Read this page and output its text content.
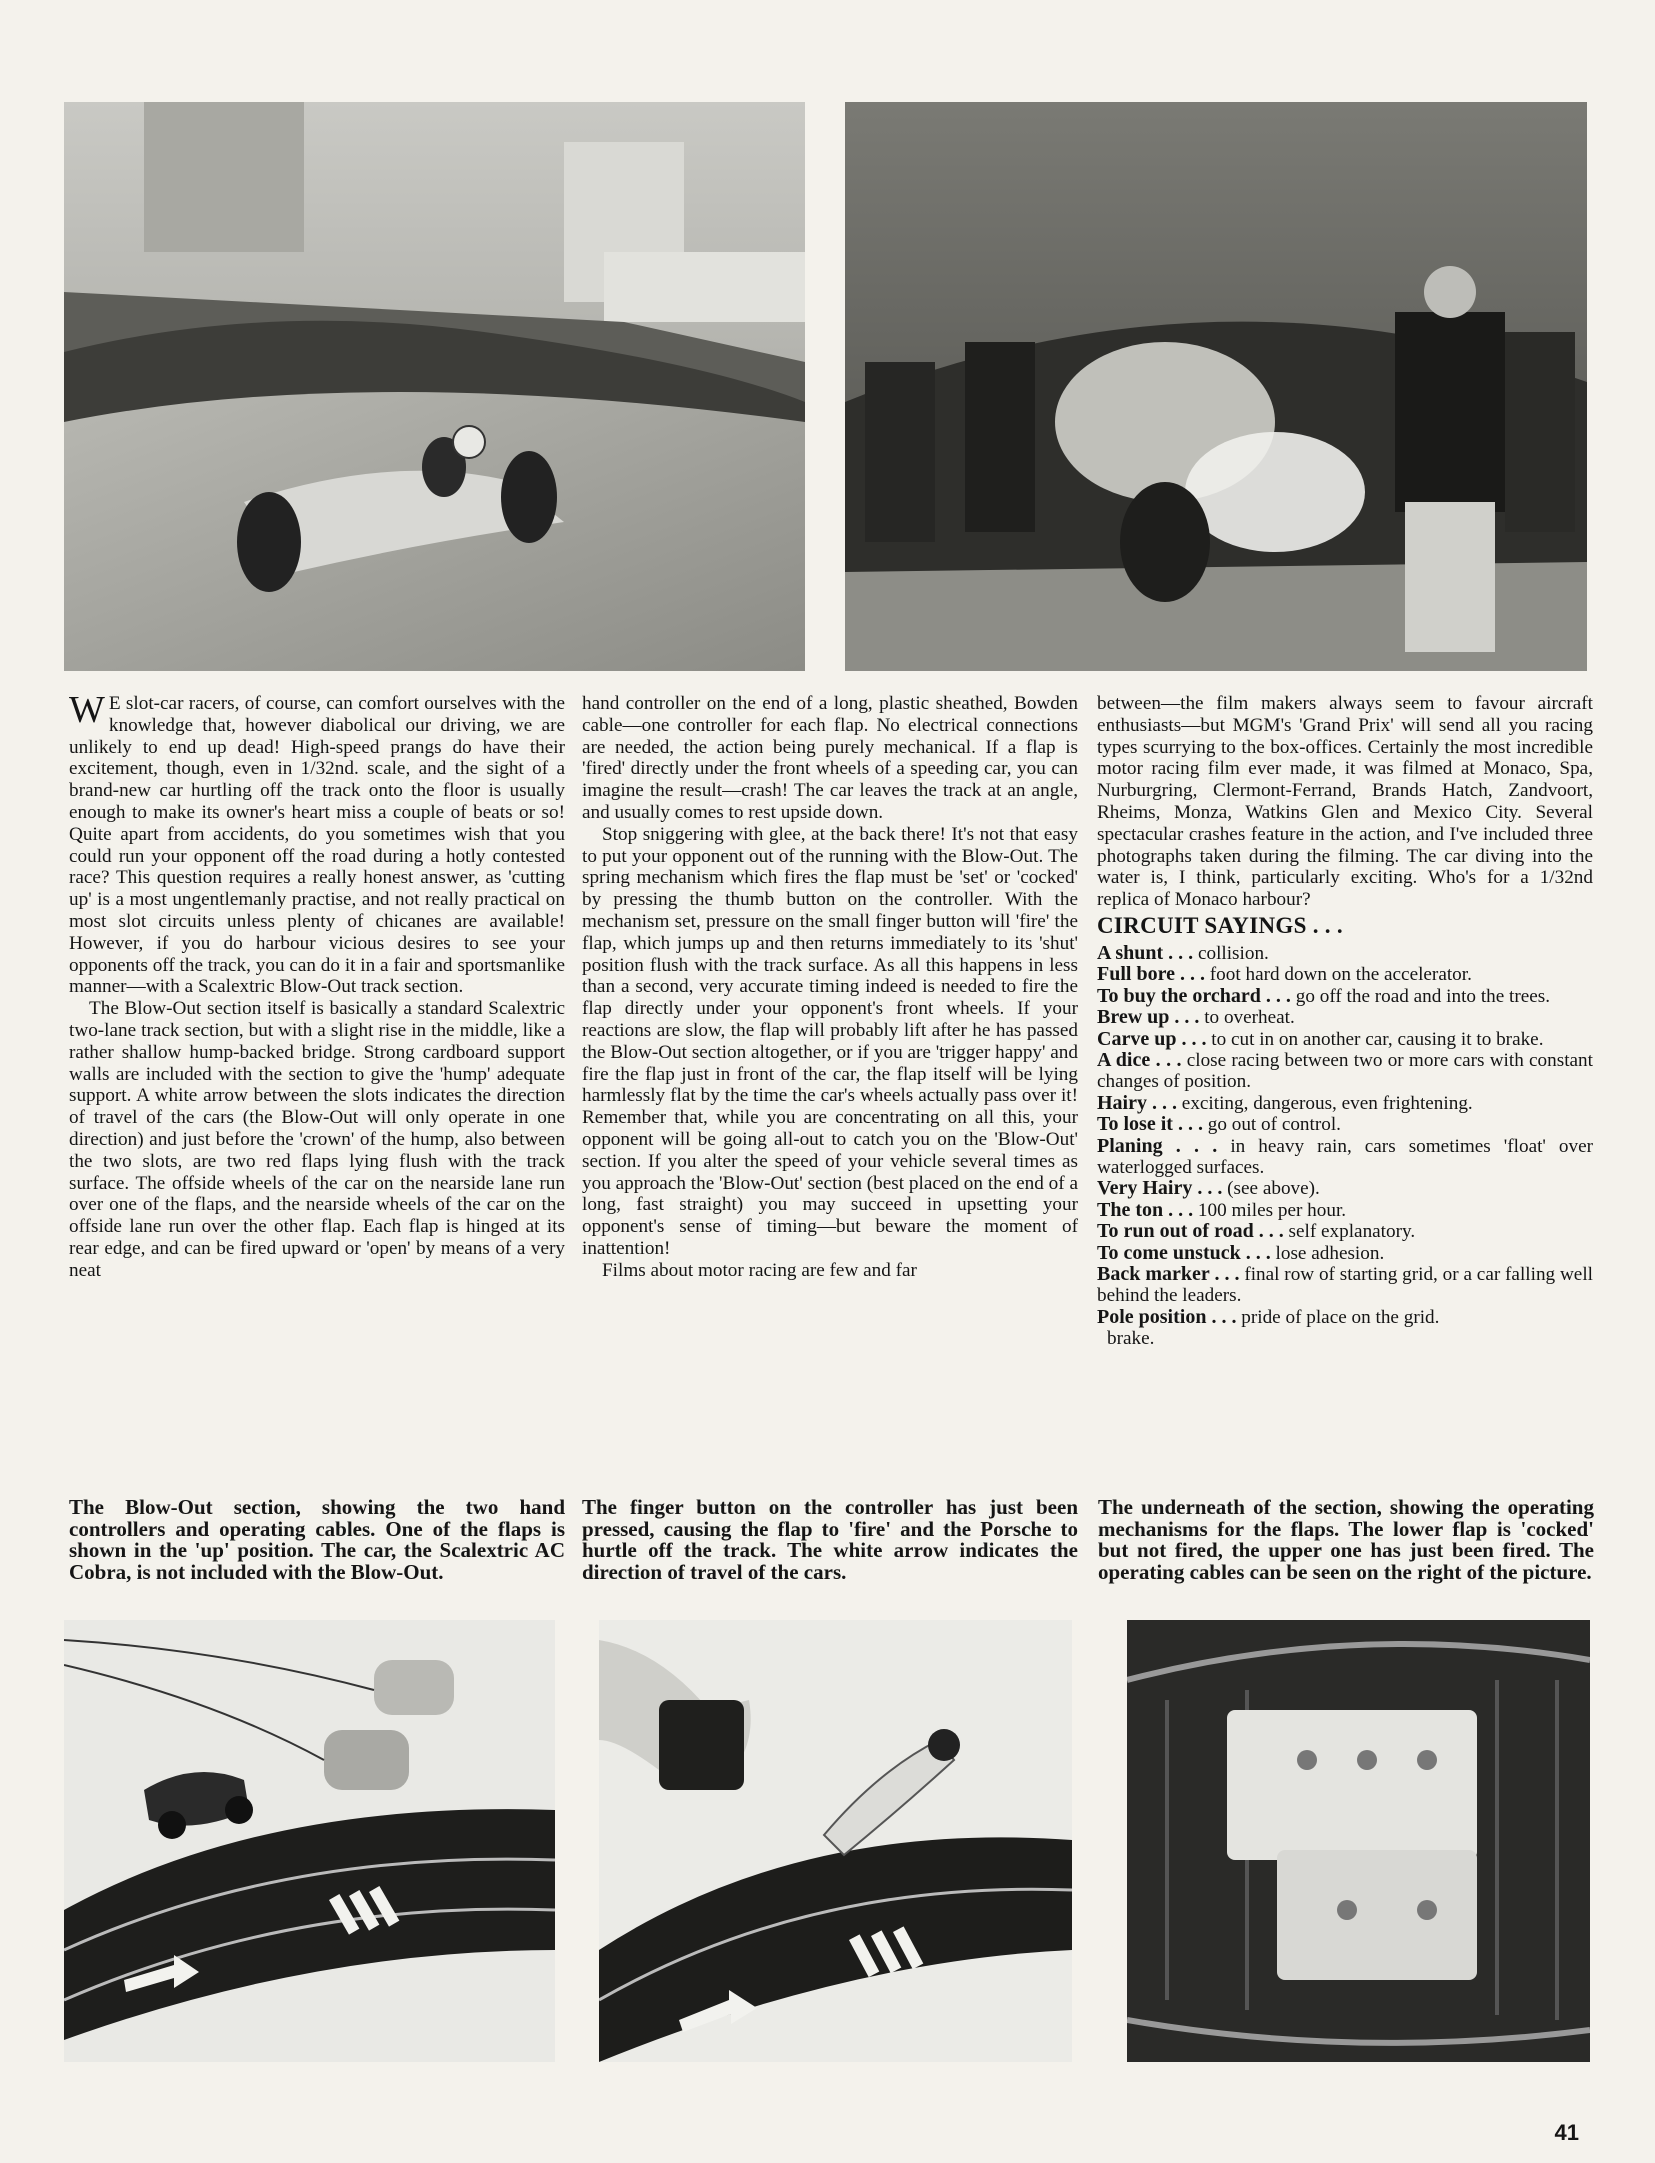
W E slot-car racers, of course, can comfort ourselves with the knowledge that, however diabolical our driving, we are unlikely to end up dead! High-speed prangs do have their excitement, though, even in 1/32nd. scale, and the sight of a brand-new car hurtling off the track onto the floor is usually enough to make its owner's heart miss a couple of beats or so! Quite apart from accidents, do you sometimes wish that you could run your opponent off the road during a hotly contested race? This question requires a really honest answer, as 'cutting up' is a most ungentlemanly practise, and not really practical on most slot circuits unless plenty of chicanes are available! However, if you do harbour vicious desires to see your opponents off the track, you can do it in a fair and sportsmanlike manner—with a Scalextric Blow-Out track section.

The Blow-Out section itself is basically a standard Scalextric two-lane track section, but with a slight rise in the middle, like a rather shallow hump-backed bridge. Strong cardboard support walls are included with the section to give the 'hump' adequate support. A white arrow between the slots indicates the direction of travel of the cars (the Blow-Out will only operate in one direction) and just before the 'crown' of the hump, also between the two slots, are two red flaps lying flush with the track surface. The offside wheels of the car on the nearside lane run over one of the flaps, and the nearside wheels of the car on the offside lane run over the other flap. Each flap is hinged at its rear edge, and can be fired upward or 'open' by means of a very neat

hand controller on the end of a long, plastic sheathed, Bowden cable—one controller for each flap. No electrical connections are needed, the action being purely mechanical. If a flap is 'fired' directly under the front wheels of a speeding car, you can imagine the result—crash! The car leaves the track at an angle, and usually comes to rest upside down.

Stop sniggering with glee, at the back there! It's not that easy to put your opponent out of the running with the Blow-Out. The spring mechanism which fires the flap must be 'set' or 'cocked' by pressing the thumb button on the controller. With the mechanism set, pressure on the small finger button will 'fire' the flap, which jumps up and then returns immediately to its 'shut' position flush with the track surface. As all this happens in less than a second, very accurate timing indeed is needed to fire the flap directly under your opponent's front wheels. If your reactions are slow, the flap will probably lift after he has passed the Blow-Out section altogether, or if you are 'trigger happy' and fire the flap just in front of the car, the flap itself will be lying harmlessly flat by the time the car's wheels actually pass over it! Remember that, while you are concentrating on all this, your opponent will be going all-out to catch you on the 'Blow-Out' section. If you alter the speed of your vehicle several times as you approach the 'Blow-Out' section (best placed on the end of a long, fast straight) you may succeed in upsetting your opponent's sense of timing—but beware the moment of inattention!

Films about motor racing are few and far

between—the film makers always seem to favour aircraft enthusiasts—but MGM's 'Grand Prix' will send all you racing types scurrying to the box-offices. Certainly the most incredible motor racing film ever made, it was filmed at Monaco, Spa, Nurburgring, Clermont-Ferrand, Brands Hatch, Zandvoort, Rheims, Monza, Watkins Glen and Mexico City. Several spectacular crashes feature in the action, and I've included three photographs taken during the filming. The car diving into the water is, I think, particularly exciting. Who's for a 1/32nd replica of Monaco harbour?

CIRCUIT SAYINGS . . .

A shunt . . . collision.

Full bore . . . foot hard down on the accelerator.

To buy the orchard . . . go off the road and into the trees.

Brew up . . . to overheat.

Carve up . . . to cut in on another car, causing it to brake.

A dice . . . close racing between two or more cars with constant changes of position.

Hairy . . . exciting, dangerous, even frightening.

To lose it . . . go out of control.

Planing . . . in heavy rain, cars sometimes 'float' over waterlogged surfaces.

Very Hairy . . . (see above).

The ton . . . 100 miles per hour.

To run out of road . . . self explanatory.

To come unstuck . . . lose adhesion.

Back marker . . . final row of starting grid, or a car falling well behind the leaders.

Pole position . . . pride of place on the grid.

brake.

The Blow-Out section, showing the two hand controllers and operating cables. One of the flaps is shown in the 'up' position. The car, the Scalextric AC Cobra, is not included with the Blow-Out.
The finger button on the controller has just been pressed, causing the flap to 'fire' and the Porsche to hurtle off the track. The white arrow indicates the direction of travel of the cars.
The underneath of the section, showing the operating mechanisms for the flaps. The lower flap is 'cocked' but not fired, the upper one has just been fired. The operating cables can be seen on the right of the picture.
41
